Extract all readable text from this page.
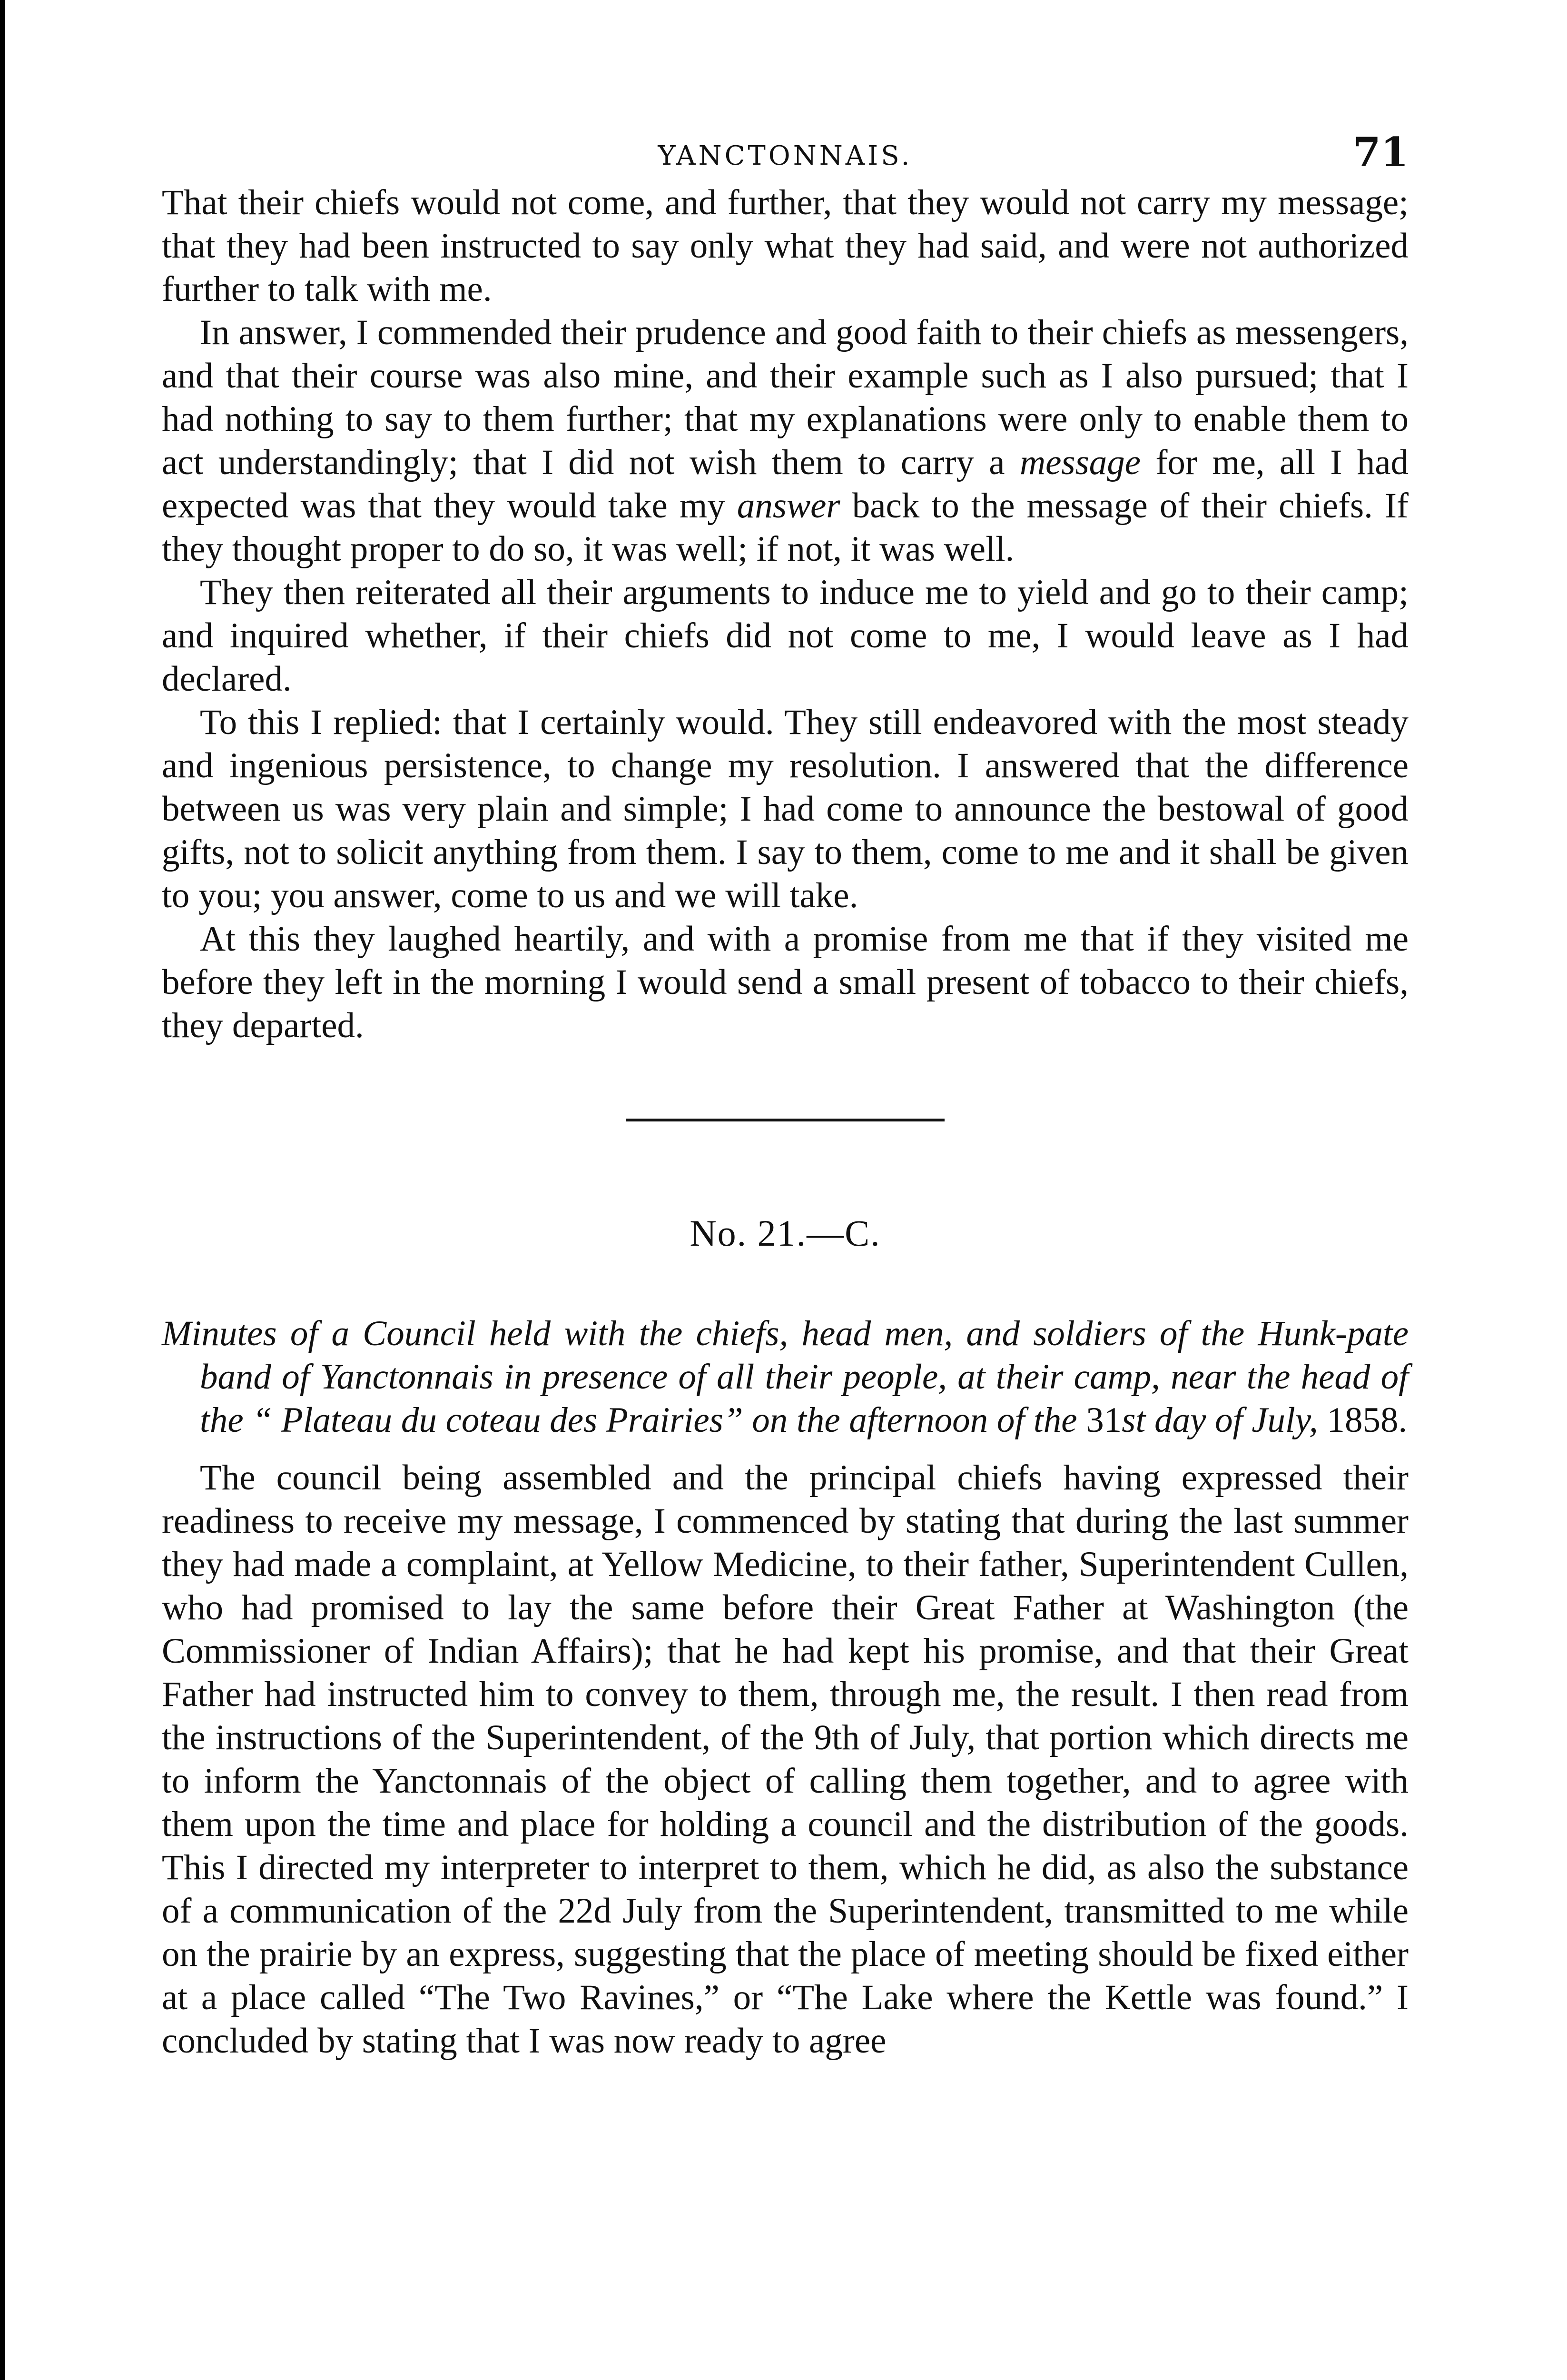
YANCTONNAIS.	71

That their chiefs would not come, and further, that they would not carry my message; that they had been instructed to say only what they had said, and were not authorized further to talk with me.

In answer, I commended their prudence and good faith to their chiefs as messengers, and that their course was also mine, and their example such as I also pursued; that I had nothing to say to them further; that my explanations were only to enable them to act understandingly; that I did not wish them to carry a message for me, all I had expected was that they would take my answer back to the message of their chiefs. If they thought proper to do so, it was well; if not, it was well.

They then reiterated all their arguments to induce me to yield and go to their camp; and inquired whether, if their chiefs did not come to me, I would leave as I had declared.

To this I replied: that I certainly would. They still endeavored with the most steady and ingenious persistence, to change my resolution. I answered that the difference between us was very plain and simple; I had come to announce the bestowal of good gifts, not to solicit anything from them. I say to them, come to me and it shall be given to you; you answer, come to us and we will take.

At this they laughed heartily, and with a promise from me that if they visited me before they left in the morning I would send a small present of tobacco to their chiefs, they departed.

No. 21.—C.
Minutes of a Council held with the chiefs, head men, and soldiers of the Hunk-pate band of Yanctonnais in presence of all their people, at their camp, near the head of the “ Plateau du coteau des Prairies” on the afternoon of the 31st day of July, 1858.

The council being assembled and the principal chiefs having expressed their readiness to receive my message, I commenced by stating that during the last summer they had made a complaint, at Yellow Medicine, to their father, Superintendent Cullen, who had promised to lay the same before their Great Father at Washington (the Commissioner of Indian Affairs); that he had kept his promise, and that their Great Father had instructed him to convey to them, through me, the result. I then read from the instructions of the Superintendent, of the 9th of July, that portion which directs me to inform the Yanctonnais of the object of calling them together, and to agree with them upon the time and place for holding a council and the distribution of the goods. This I directed my interpreter to interpret to them, which he did, as also the substance of a communication of the 22d July from the Superintendent, transmitted to me while on the prairie by an express, suggesting that the place of meeting should be fixed either at a place called “The Two Ravines,” or “The Lake where the Kettle was found.” I concluded by stating that I was now ready to agree
